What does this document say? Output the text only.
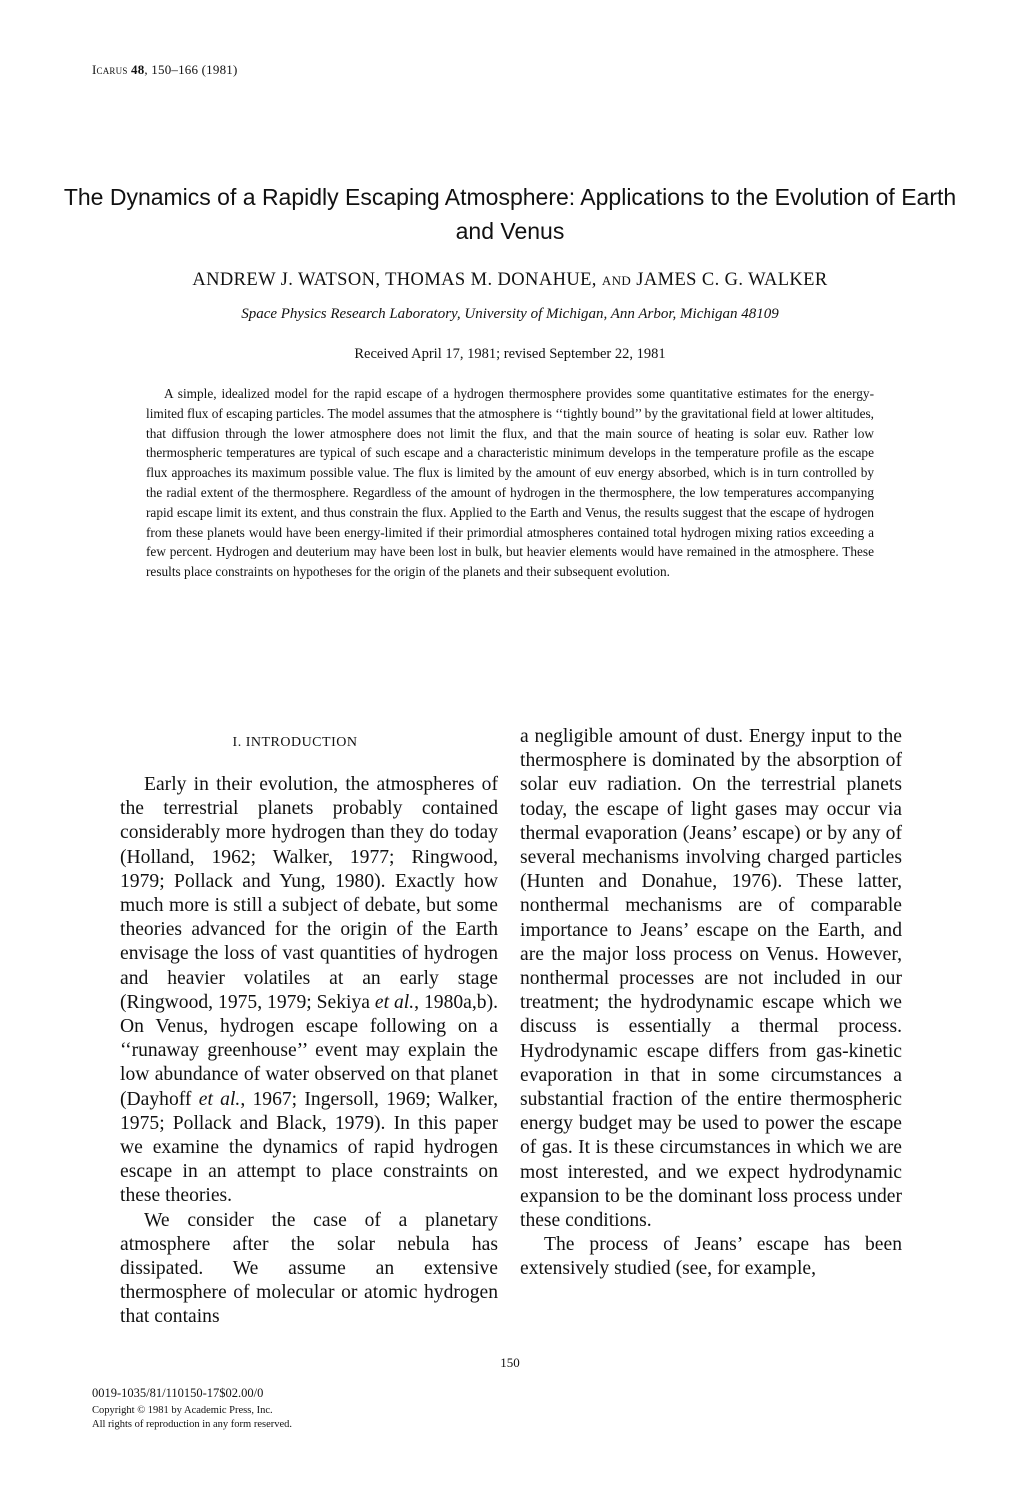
Icarus 48, 150–166 (1981)
The Dynamics of a Rapidly Escaping Atmosphere: Applications to the Evolution of Earth and Venus
ANDREW J. WATSON, THOMAS M. DONAHUE, AND JAMES C. G. WALKER
Space Physics Research Laboratory, University of Michigan, Ann Arbor, Michigan 48109
Received April 17, 1981; revised September 22, 1981

A simple, idealized model for the rapid escape of a hydrogen thermosphere provides some quantitative estimates for the energy-limited flux of escaping particles. The model assumes that the atmosphere is ‘‘tightly bound’’ by the gravitational field at lower altitudes, that diffusion through the lower atmosphere does not limit the flux, and that the main source of heating is solar euv. Rather low thermospheric temperatures are typical of such escape and a characteristic minimum develops in the temperature profile as the escape flux approaches its maximum possible value. The flux is limited by the amount of euv energy absorbed, which is in turn controlled by the radial extent of the thermosphere. Regardless of the amount of hydrogen in the thermosphere, the low temperatures accompanying rapid escape limit its extent, and thus constrain the flux. Applied to the Earth and Venus, the results suggest that the escape of hydrogen from these planets would have been energy-limited if their primordial atmospheres contained total hydrogen mixing ratios exceeding a few percent. Hydrogen and deuterium may have been lost in bulk, but heavier elements would have remained in the atmosphere. These results place constraints on hypotheses for the origin of the planets and their subsequent evolution.

I. INTRODUCTION

Early in their evolution, the atmospheres of the terrestrial planets probably contained considerably more hydrogen than they do today (Holland, 1962; Walker, 1977; Ringwood, 1979; Pollack and Yung, 1980). Exactly how much more is still a subject of debate, but some theories advanced for the origin of the Earth envisage the loss of vast quantities of hydrogen and heavier volatiles at an early stage (Ringwood, 1975, 1979; Sekiya et al., 1980a,b). On Venus, hydrogen escape following on a ‘‘runaway greenhouse’’ event may explain the low abundance of water observed on that planet (Dayhoff et al., 1967; Ingersoll, 1969; Walker, 1975; Pollack and Black, 1979). In this paper we examine the dynamics of rapid hydrogen escape in an attempt to place constraints on these theories.

We consider the case of a planetary atmosphere after the solar nebula has dissipated. We assume an extensive thermosphere of molecular or atomic hydrogen that contains

a negligible amount of dust. Energy input to the thermosphere is dominated by the absorption of solar euv radiation. On the terrestrial planets today, the escape of light gases may occur via thermal evaporation (Jeans’ escape) or by any of several mechanisms involving charged particles (Hunten and Donahue, 1976). These latter, nonthermal mechanisms are of comparable importance to Jeans’ escape on the Earth, and are the major loss process on Venus. However, nonthermal processes are not included in our treatment; the hydrodynamic escape which we discuss is essentially a thermal process. Hydrodynamic escape differs from gas-kinetic evaporation in that in some circumstances a substantial fraction of the entire thermospheric energy budget may be used to power the escape of gas. It is these circumstances in which we are most interested, and we expect hydrodynamic expansion to be the dominant loss process under these conditions.

The process of Jeans’ escape has been extensively studied (see, for example,

150
0019-1035/81/110150-17$02.00/0
Copyright © 1981 by Academic Press, Inc.
All rights of reproduction in any form reserved.
